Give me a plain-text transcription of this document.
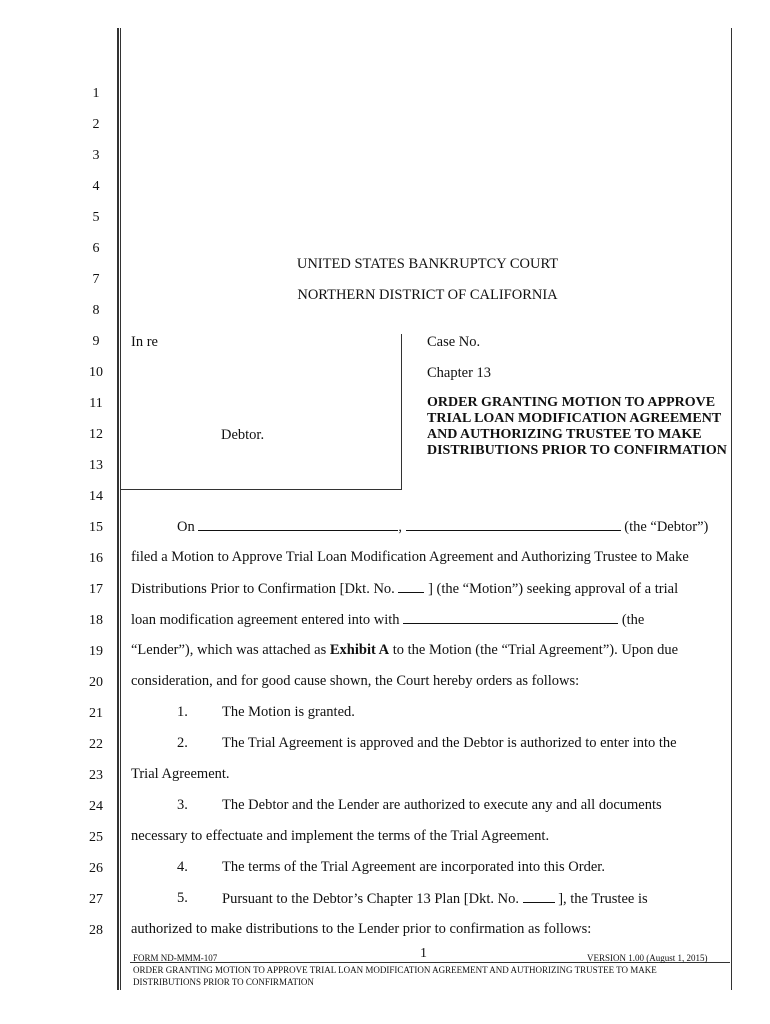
1
2
3
4
5
6
7
8
9
10
11
12
13
14
15
16
17
18
19
20
21
22
23
24
25
26
27
28
UNITED STATES BANKRUPTCY COURT
NORTHERN DISTRICT OF CALIFORNIA
In re
Debtor.
Case No.
Chapter 13
ORDER GRANTING MOTION TO APPROVE TRIAL LOAN MODIFICATION AGREEMENT AND AUTHORIZING TRUSTEE TO MAKE DISTRIBUTIONS PRIOR TO CONFIRMATION
On	,	(the “Debtor”)
filed a Motion to Approve Trial Loan Modification Agreement and Authorizing Trustee to Make
Distributions Prior to Confirmation [Dkt. No. ] (the “Motion”) seeking approval of a trial
loan modification agreement entered into with	(the
“Lender”), which was attached as Exhibit A to the Motion (the “Trial Agreement”). Upon due
consideration, and for good cause shown, the Court hereby orders as follows:
1. The Motion is granted.
2. The Trial Agreement is approved and the Debtor is authorized to enter into the
Trial Agreement.
3. The Debtor and the Lender are authorized to execute any and all documents
necessary to effectuate and implement the terms of the Trial Agreement.
4. The terms of the Trial Agreement are incorporated into this Order.
5. Pursuant to the Debtor’s Chapter 13 Plan [Dkt. No.	], the Trustee is
authorized to make distributions to the Lender prior to confirmation as follows:
FORM ND-MMM-107	1	VERSION 1.00 (August 1, 2015)
ORDER GRANTING MOTION TO APPROVE TRIAL LOAN MODIFICATION AGREEMENT AND AUTHORIZING TRUSTEE TO MAKE
DISTRIBUTIONS PRIOR TO CONFIRMATION
